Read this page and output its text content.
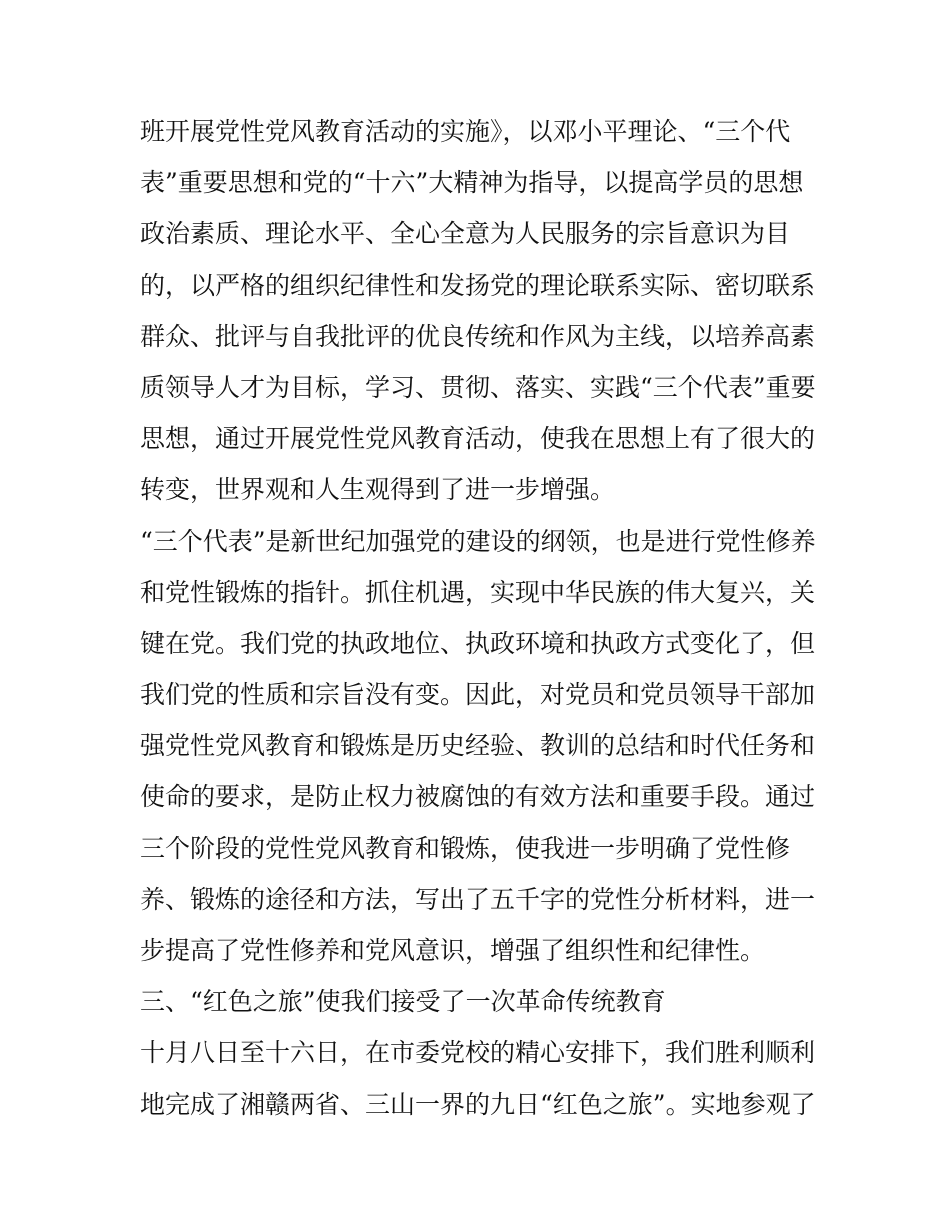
班开展党性党风教育活动的实施》，以邓小平理论、“三个代
表”重要思想和党的“十六”大精神为指导，以提高学员的思想
政治素质、理论水平、全心全意为人民服务的宗旨意识为目
的，以严格的组织纪律性和发扬党的理论联系实际、密切联系
群众、批评与自我批评的优良传统和作风为主线，以培养高素
质领导人才为目标，学习、贯彻、落实、实践“三个代表”重要
思想，通过开展党性党风教育活动，使我在思想上有了很大的
转变，世界观和人生观得到了进一步增强。
“三个代表”是新世纪加强党的建设的纲领，也是进行党性修养
和党性锻炼的指针。抓住机遇，实现中华民族的伟大复兴，关
键在党。我们党的执政地位、执政环境和执政方式变化了，但
我们党的性质和宗旨没有变。因此，对党员和党员领导干部加
强党性党风教育和锻炼是历史经验、教训的总结和时代任务和
使命的要求，是防止权力被腐蚀的有效方法和重要手段。通过
三个阶段的党性党风教育和锻炼，使我进一步明确了党性修
养、锻炼的途径和方法，写出了五千字的党性分析材料，进一
步提高了党性修养和党风意识，增强了组织性和纪律性。
三、“红色之旅”使我们接受了一次革命传统教育
十月八日至十六日，在市委党校的精心安排下，我们胜利顺利
地完成了湘赣两省、三山一界的九日“红色之旅”。实地参观了
